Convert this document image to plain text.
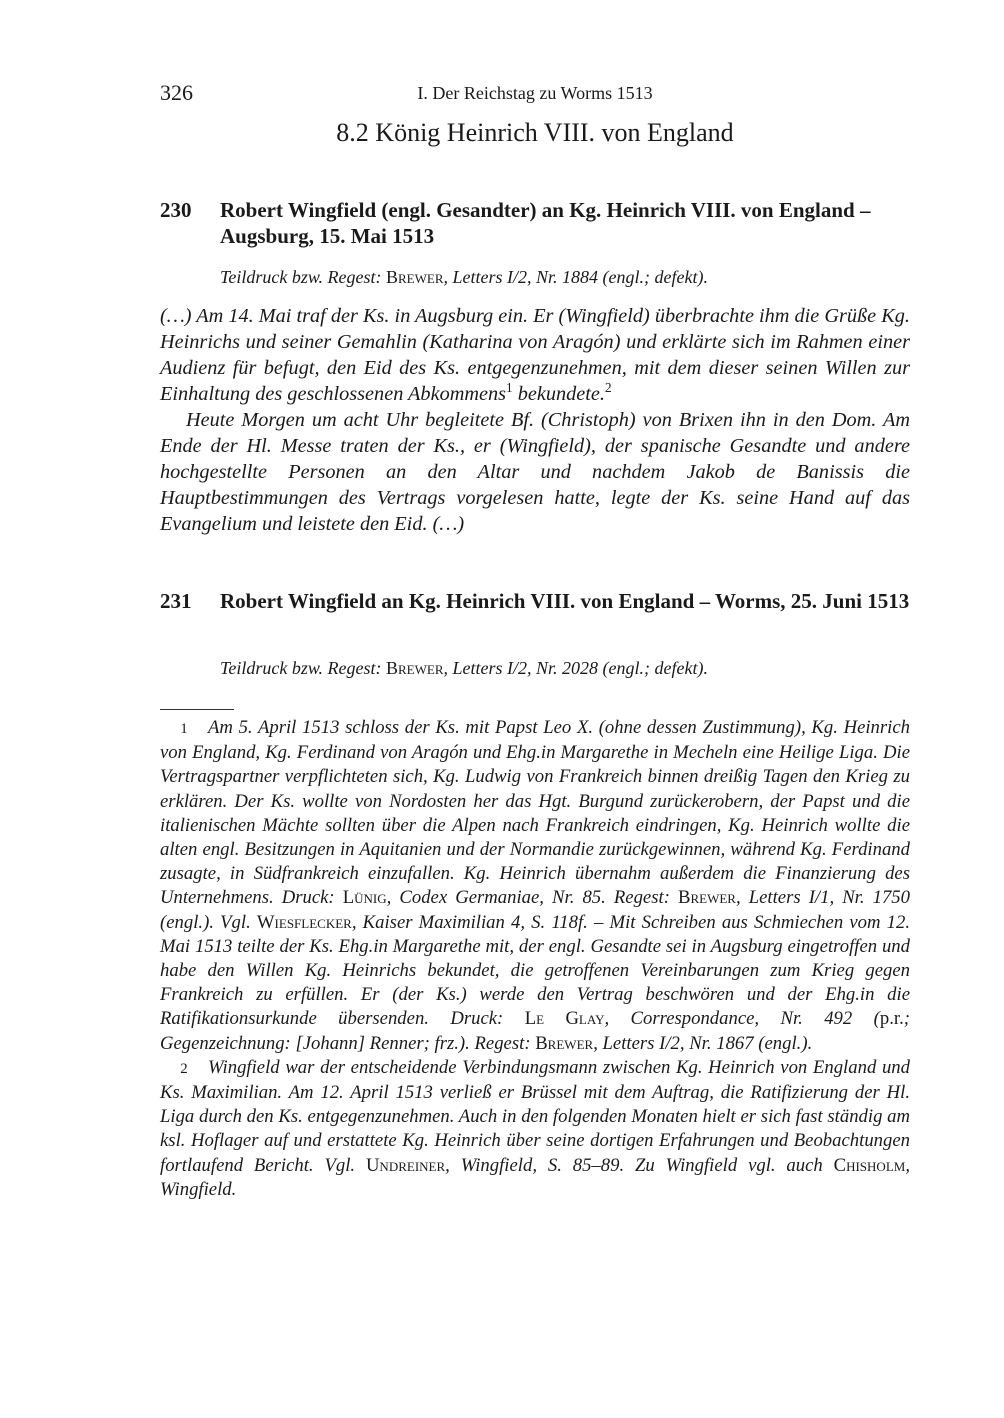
326	I. Der Reichstag zu Worms 1513
8.2 König Heinrich VIII. von England
230 Robert Wingfield (engl. Gesandter) an Kg. Heinrich VIII. von England – Augsburg, 15. Mai 1513
Teildruck bzw. Regest: Brewer, Letters I/2, Nr. 1884 (engl.; defekt).

(…) Am 14. Mai traf der Ks. in Augsburg ein. Er (Wingfield) überbrachte ihm die Grüße Kg. Heinrichs und seiner Gemahlin (Katharina von Aragón) und erklärte sich im Rahmen einer Audienz für befugt, den Eid des Ks. entgegenzunehmen, mit dem dieser seinen Willen zur Einhaltung des geschlossenen Abkommens$^1$ bekundete.$^2$

Heute Morgen um acht Uhr begleitete Bf. (Christoph) von Brixen ihn in den Dom. Am Ende der Hl. Messe traten der Ks., er (Wingfield), der spanische Gesandte und andere hochgestellte Personen an den Altar und nachdem Jakob de Banissis die Hauptbestimmungen des Vertrags vorgelesen hatte, legte der Ks. seine Hand auf das Evangelium und leistete den Eid. (…)

231 Robert Wingfield an Kg. Heinrich VIII. von England – Worms, 25. Juni 1513
Teildruck bzw. Regest: Brewer, Letters I/2, Nr. 2028 (engl.; defekt).

1 Am 5. April 1513 schloss der Ks. mit Papst Leo X. (ohne dessen Zustimmung), Kg. Heinrich von England, Kg. Ferdinand von Aragón und Ehg.in Margarethe in Mecheln eine Heilige Liga. Die Vertragspartner verpflichteten sich, Kg. Ludwig von Frankreich binnen dreißig Tagen den Krieg zu erklären. Der Ks. wollte von Nordosten her das Hgt. Burgund zurückerobern, der Papst und die italienischen Mächte sollten über die Alpen nach Frankreich eindringen, Kg. Heinrich wollte die alten engl. Besitzungen in Aquitanien und der Normandie zurückgewinnen, während Kg. Ferdinand zusagte, in Südfrankreich einzufallen. Kg. Heinrich übernahm außerdem die Finanzierung des Unternehmens. Druck: Lünig, Codex Germaniae, Nr. 85. Regest: Brewer, Letters I/1, Nr. 1750 (engl.). Vgl. Wiesflecker, Kaiser Maximilian 4, S. 118f. – Mit Schreiben aus Schmiechen vom 12. Mai 1513 teilte der Ks. Ehg.in Margarethe mit, der engl. Gesandte sei in Augsburg eingetroffen und habe den Willen Kg. Heinrichs bekundet, die getroffenen Vereinbarungen zum Krieg gegen Frankreich zu erfüllen. Er (der Ks.) werde den Vertrag beschwören und der Ehg.in die Ratifikationsurkunde übersenden. Druck: Le Glay, Correspondance, Nr. 492 (p.r.; Gegenzeichnung: [Johann] Renner; frz.). Regest: Brewer, Letters I/2, Nr. 1867 (engl.).

2 Wingfield war der entscheidende Verbindungsmann zwischen Kg. Heinrich von England und Ks. Maximilian. Am 12. April 1513 verließ er Brüssel mit dem Auftrag, die Ratifizierung der Hl. Liga durch den Ks. entgegenzunehmen. Auch in den folgenden Monaten hielt er sich fast ständig am ksl. Hoflager auf und erstattete Kg. Heinrich über seine dortigen Erfahrungen und Beobachtungen fortlaufend Bericht. Vgl. Undreiner, Wingfield, S. 85–89. Zu Wingfield vgl. auch Chisholm, Wingfield.
